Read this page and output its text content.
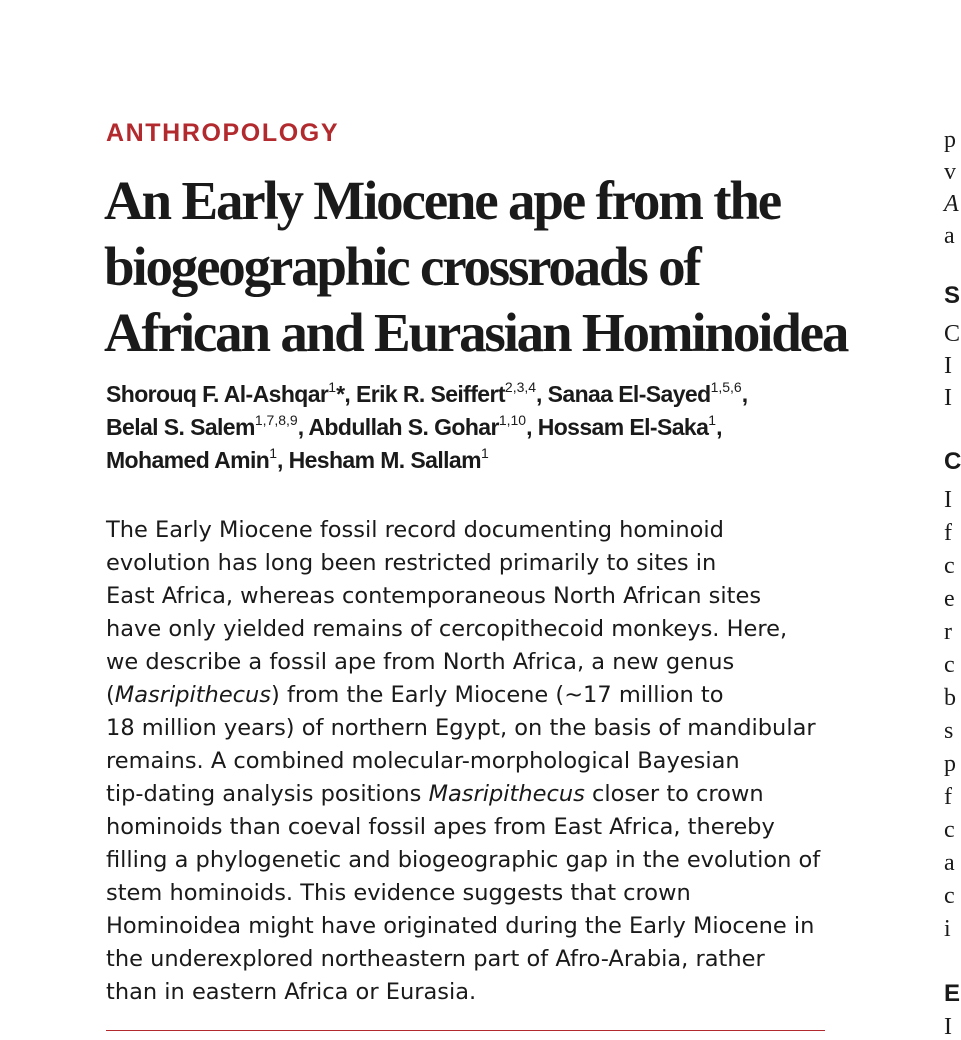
ANTHROPOLOGY

An Early Miocene ape from the
biogeographic crossroads of
African and Eurasian Hominoidea
Shorouq F. Al-Ashqar$^1$*, Erik R. Seiffert$^{2,3,4}$, Sanaa El-Sayed$^{1,5,6}$,
Belal S. Salem$^{1,7,8,9}$, Abdullah S. Gohar$^{1,10}$, Hossam El-Saka$^1$,
Mohamed Amin$^1$, Hesham M. Sallam$^1$
The Early Miocene fossil record documenting hominoid
evolution has long been restricted primarily to sites in
East Africa, whereas contemporaneous North African sites
have only yielded remains of cercopithecoid monkeys. Here,
we describe a fossil ape from North Africa, a new genus
(Masripithecus) from the Early Miocene (~17 million to
18 million years) of northern Egypt, on the basis of mandibular
remains. A combined molecular-morphological Bayesian
tip-dating analysis positions Masripithecus closer to crown
hominoids than coeval fossil apes from East Africa, thereby
filling a phylogenetic and biogeographic gap in the evolution of
stem hominoids. This evidence suggests that crown
Hominoidea might have originated during the Early Miocene in
the underexplored northeastern part of Afro-Arabia, rather
than in eastern Africa or Eurasia.
p
v
A
a
S
C
I
I
C
I
f
c
e
r
c
b
s
p
f
c
a
c
i
E
I
